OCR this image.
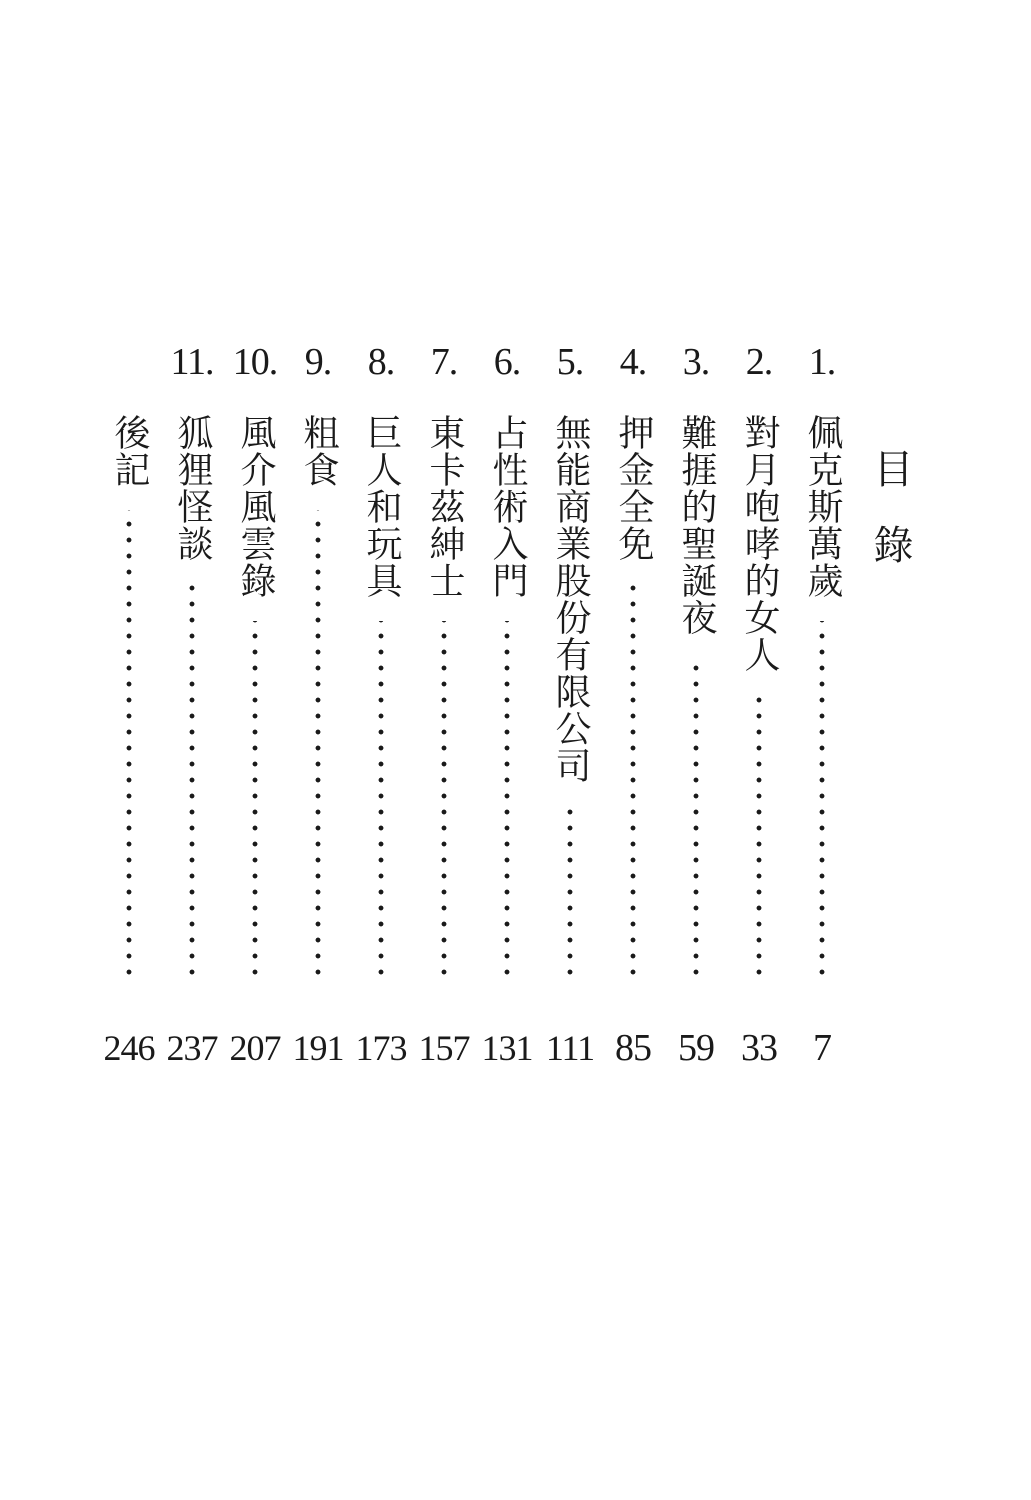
目錄
1.
佩克斯萬歲
7
2.
對月咆哮的女人
33
3.
難捱的聖誕夜
59
4.
押金全免
85
5.
無能商業股份有限公司
111
6.
占性術入門
131
7.
東卡茲紳士
157
8.
巨人和玩具
173
9.
粗食
191
10.
風介風雲錄
207
11.
狐狸怪談
237
後記
246
